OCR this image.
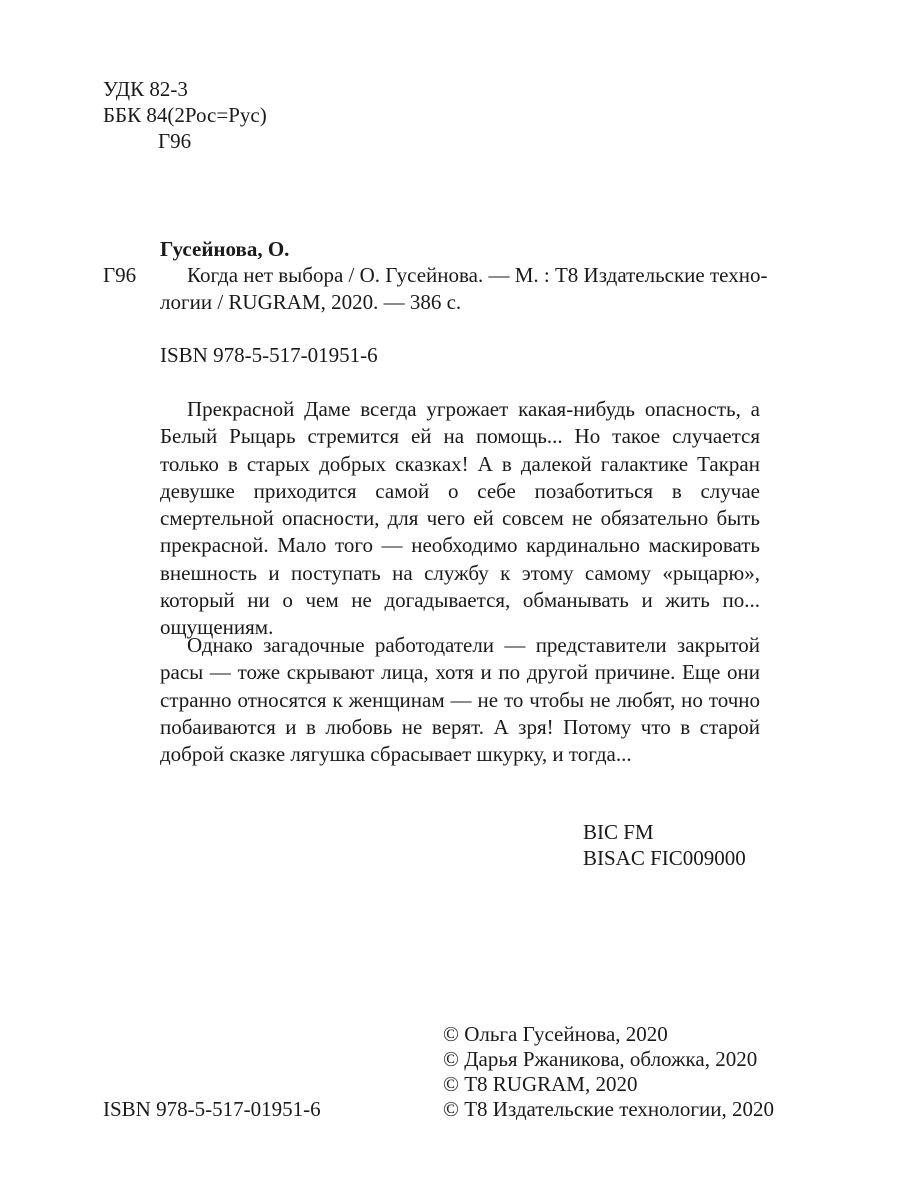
УДК 82-3
ББК 84(2Рос=Рус)
Г96
Гусейнова, О.
Г96 Когда нет выбора / О. Гусейнова. — М. : Т8 Издательские техно-
логии / RUGRAM, 2020. — 386 с.
ISBN 978-5-517-01951-6
Прекрасной Даме всегда угрожает какая-нибудь опасность, а Белый Рыцарь стремится ей на помощь... Но такое случается только в старых добрых сказках! А в далекой галактике Такран девушке приходится самой о себе позаботиться в случае смертельной опасности, для чего ей совсем не обязательно быть прекрасной. Мало того — необходимо кардинально маскировать внешность и поступать на службу к этому самому «рыцарю», который ни о чем не догадывается, обманывать и жить по... ощущениям.
Однако загадочные работодатели — представители закрытой расы — тоже скрывают лица, хотя и по другой причине. Еще они странно относятся к женщинам — не то чтобы не любят, но точно побаиваются и в любовь не верят. А зря! Потому что в старой доброй сказке лягушка сбрасывает шкурку, и тогда...
BIC FM
BISAC FIC009000
ISBN 978-5-517-01951-6
© Ольга Гусейнова, 2020
© Дарья Ржаникова, обложка, 2020
© Т8 RUGRAM, 2020
© Т8 Издательские технологии, 2020
